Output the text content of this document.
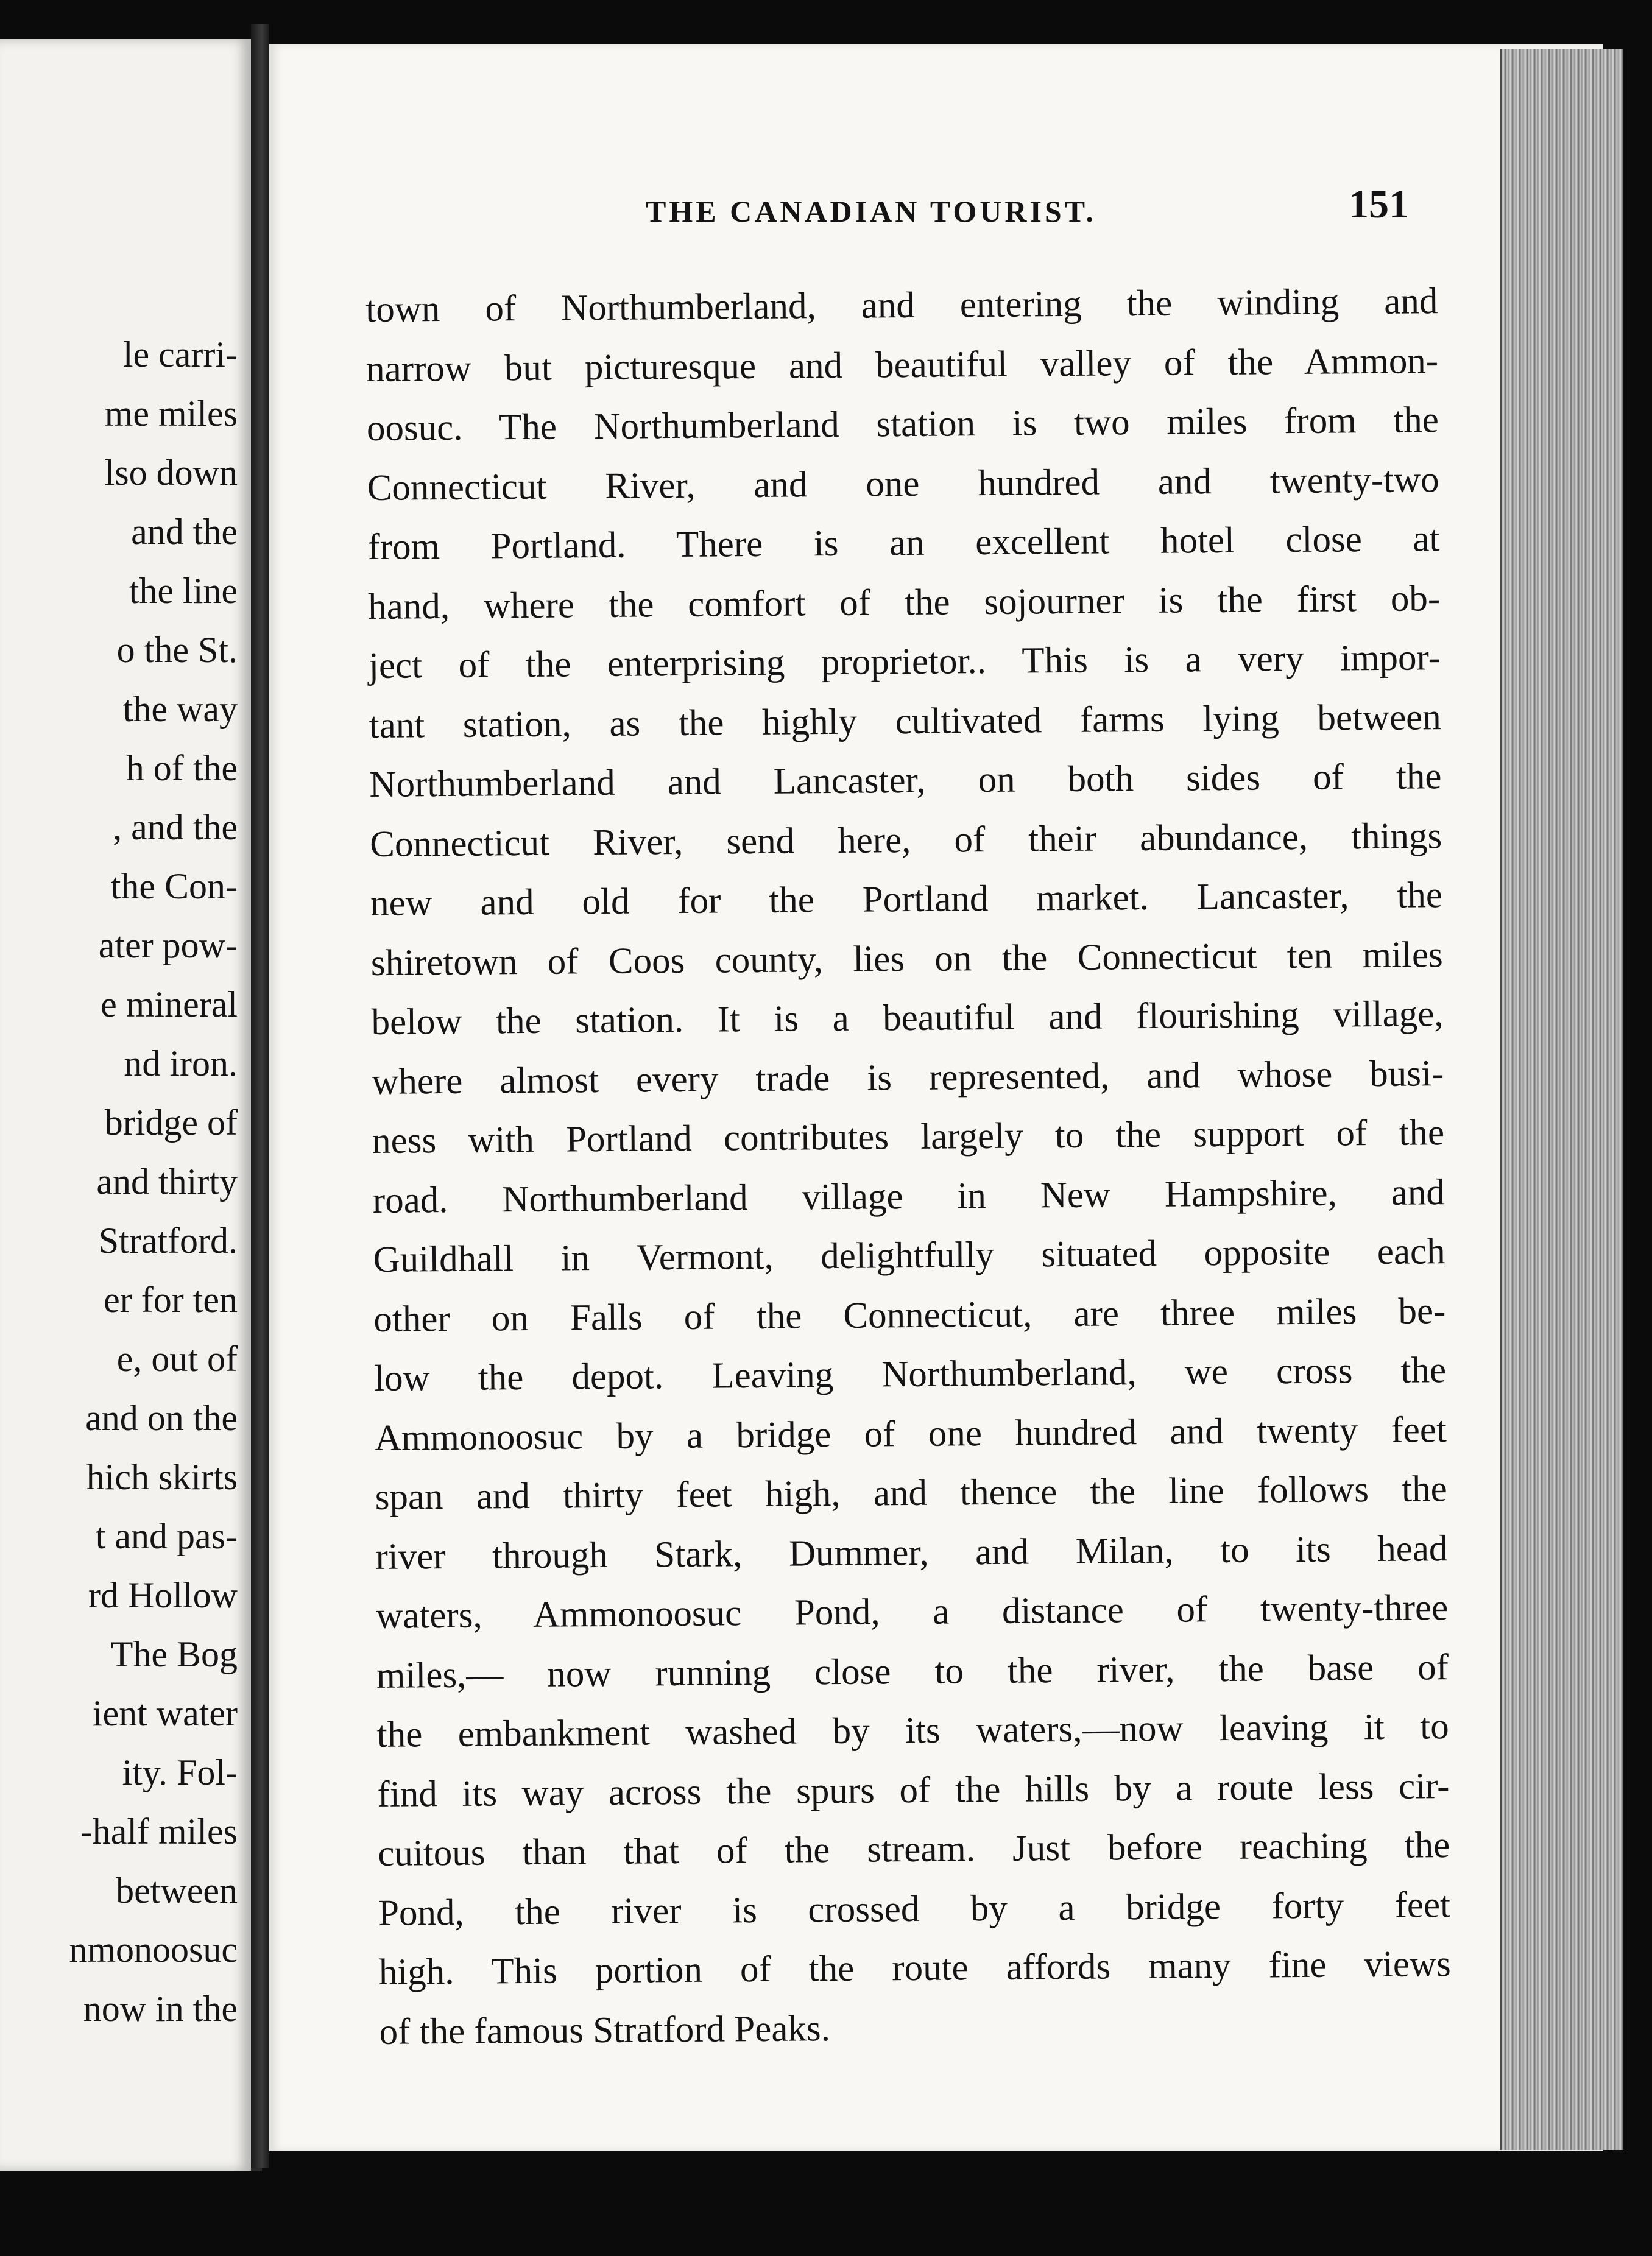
le carri-
me miles
lso down
and the
the line
o the St.
the way
h of the
, and the
the Con-
ater pow-
e mineral
nd iron.
bridge of
and thirty
Stratford.
er for ten
e, out of
and on the
hich skirts
t and pas-
rd Hollow
The Bog
ient water
ity. Fol-
-half miles
between
nmonoosuc
now in the
THE CANADIAN TOURIST.	151
town of Northumberland, and entering the winding and
narrow but picturesque and beautiful valley of the Ammon-
oosuc. The Northumberland station is two miles from the
Connecticut River, and one hundred and twenty-two
from Portland. There is an excellent hotel close at
hand, where the comfort of the sojourner is the first ob-
ject of the enterprising proprietor.. This is a very impor-
tant station, as the highly cultivated farms lying between
Northumberland and Lancaster, on both sides of the
Connecticut River, send here, of their abundance, things
new and old for the Portland market. Lancaster, the
shiretown of Coos county, lies on the Connecticut ten miles
below the station. It is a beautiful and flourishing village,
where almost every trade is represented, and whose busi-
ness with Portland contributes largely to the support of the
road. Northumberland village in New Hampshire, and
Guildhall in Vermont, delightfully situated opposite each
other on Falls of the Connecticut, are three miles be-
low the depot. Leaving Northumberland, we cross the
Ammonoosuc by a bridge of one hundred and twenty feet
span and thirty feet high, and thence the line follows the
river through Stark, Dummer, and Milan, to its head
waters, Ammonoosuc Pond, a distance of twenty-three
miles,— now running close to the river, the base of
the embankment washed by its waters,—now leaving it to
find its way across the spurs of the hills by a route less cir-
cuitous than that of the stream. Just before reaching the
Pond, the river is crossed by a bridge forty feet
high. This portion of the route affords many fine views
of the famous Stratford Peaks.
